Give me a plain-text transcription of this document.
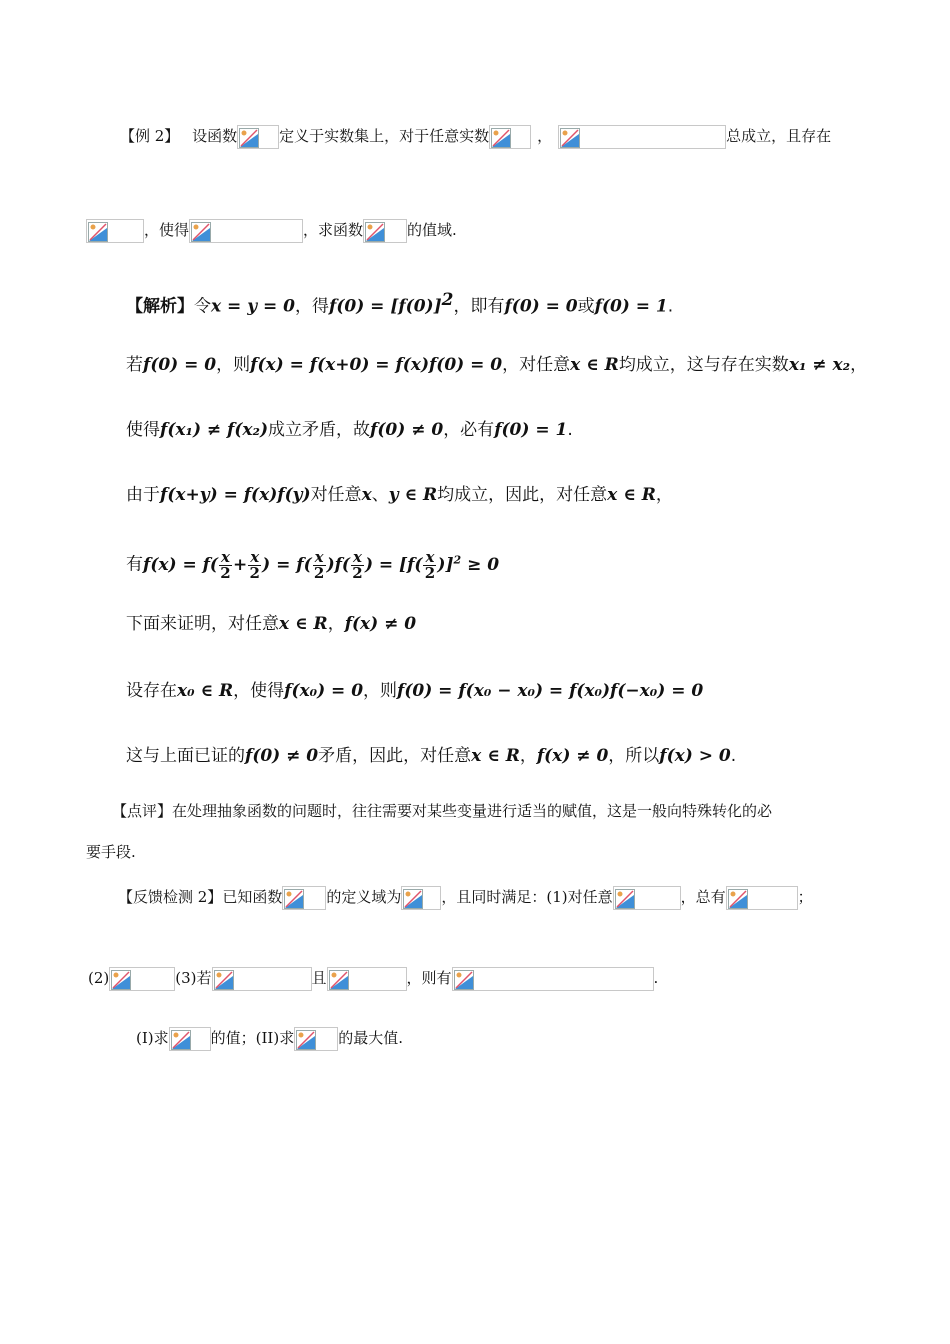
【例 2】 设函数	定义于实数集上，对于任意实数	，	总成立，且存在
，使得	，求函数	的值域.
【解析】令x = y = 0，得$f(0) = [f(0)]^2$，即有f(0) = 0或f(0) = 1.
若f(0) = 0，则f(x) = f(x+0) = f(x)f(0) = 0，对任意x ∈ R均成立，这与存在实数x₁ ≠ x₂，
使得f(x₁) ≠ f(x₂)成立矛盾，故f(0) ≠ 0，必有f(0) = 1.
由于f(x+y) = f(x)f(y)对任意x、y ∈ R均成立，因此，对任意x ∈ R，
有$f(x) = f( \frac{x}{2} + \frac{x}{2}$ ) = $f( \frac{x}{2} )f( \frac{x}{2}$ ) = $[f( \frac{x}{2} )]^2 \ge 0$
下面来证明，对任意x ∈ R，f(x) ≠ 0
设存在x₀ ∈ R，使得f(x₀) = 0，则f(0) = f(x₀ − x₀) = f(x₀)f(−x₀) = 0
这与上面已证的f(0) ≠ 0矛盾，因此，对任意x ∈ R，f(x) ≠ 0，所以f(x) > 0.
【点评】在处理抽象函数的问题时，往往需要对某些变量进行适当的赋值，这是一般向特殊转化的必
要手段.
【反馈检测 2】已知函数	的定义域为	，且同时满足：(1)对任意	，总有	；
(2)	(3)若	且	，则有	.
(I)求	的值；(II)求	的最大值.
